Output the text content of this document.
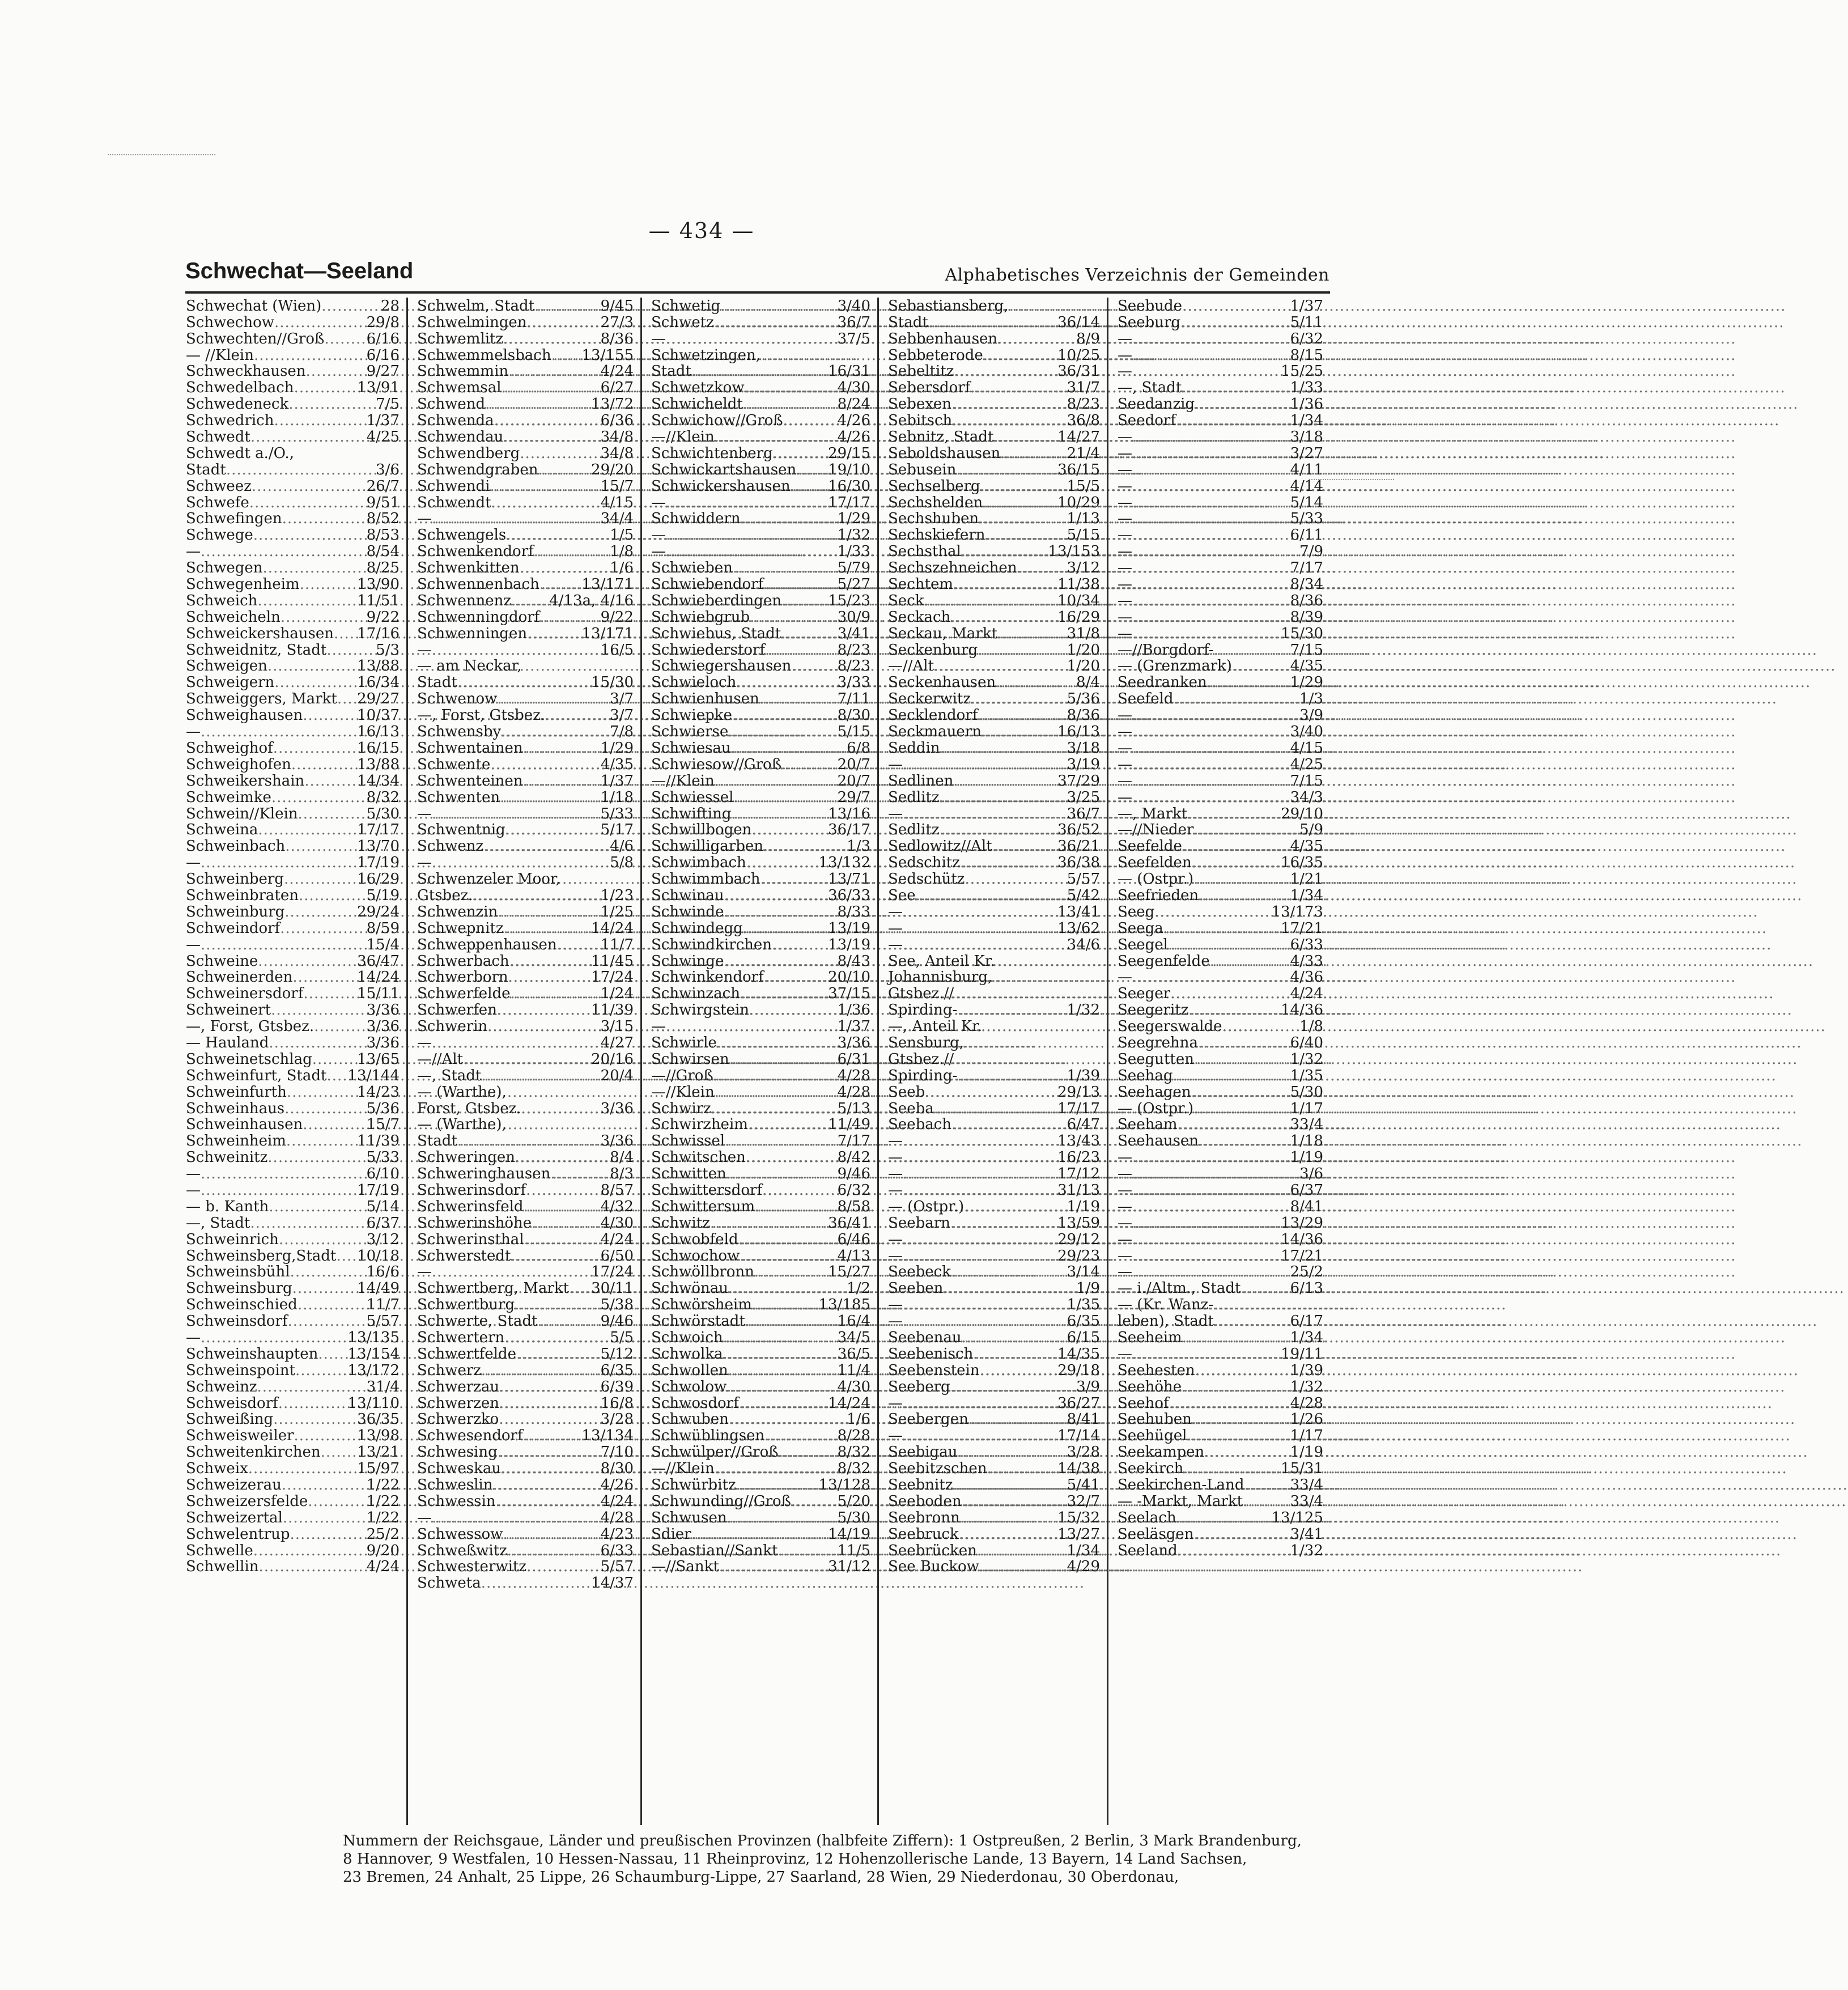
— 434 —
Schwechat—Seeland	Alphabetisches Verzeichnis der Gemeinden
Schwechat (Wien) .....	28
Schwechow .....	29/8
Schwechten//Groß .....	6/16
— //Klein .....	6/16
Schweckhausen .....	9/27
Schwedelbach .....	13/91
Schwedeneck .....	7/5
Schwedrich .....	1/37
Schwedt .....	4/25
Schwedt a./O.,
Stadt .....	3/6
Schweez .....	26/7
Schwefe .....	9/51
Schwefingen .....	8/52
Schwege .....	8/53
— .....	8/54
Schwegen .....	8/25
Schwegenheim .....	13/90
Schweich .....	11/51
Schweicheln .....	9/22
Schweickershausen ..... 17/16
Schweidnitz, Stadt .....	5/3
Schweigen .....	13/88
Schweigern .....	16/34
Schweiggers, Markt ..... 29/27
Schweighausen .....	10/37
— .....	16/13
Schweighof .....	16/15
Schweighofen .....	13/88
Schweikershain .....	14/34
Schweimke .....	8/32
Schwein//Klein .....	5/30
Schweina .....	17/17
Schweinbach .....	13/70
— .....	17/19
Schweinberg .....	16/29
Schweinbraten .....	5/19
Schweinburg .....	29/24
Schweindorf .....	8/59
— .....	15/4
Schweine .....	36/47
Schweinerden .....	14/24
Schweinersdorf .....	15/11
Schweinert .....	3/36
—, Forst, Gtsbez. .....	3/36
— Hauland .....	3/36
Schweinetschlag .....	13/65
Schweinfurt, Stadt ..... 13/144
Schweinfurth .....	14/23
Schweinhaus .....	5/36
Schweinhausen .....	15/7
Schweinheim .....	11/39
Schweinitz .....	5/33
— .....	6/10
— .....	17/19
— b. Kanth .....	5/14
—, Stadt .....	6/37
Schweinrich .....	3/12
Schweinsberg,Stadt ..... 10/18
Schweinsbühl .....	16/6
Schweinsburg .....	14/49
Schweinschied .....	11/7
Schweinsdorf .....	5/57
— .....	13/135
Schweinshaupten ..... 13/154
Schweinspoint .....	13/172
Schweinz .....	31/4
Schweisdorf .....	13/110
Schweißing .....	36/35
Schweisweiler .....	13/98
Schweitenkirchen ..... 13/21
Schweix .....	15/97
Schweizerau .....	1/22
Schweizersfelde .....	1/22
Schweizertal .....	1/22
Schwelentrup .....	25/2
Schwelle .....	9/20
Schwellin .....	4/24
Schwelm, Stadt .....	9/45
Schwelmingen .....	27/3
Schwemlitz .....	8/36
Schwemmelsbach ..... 13/155
Schwemmin .....	4/24
Schwemsal .....	6/27
Schwend .....	13/72
Schwenda .....	6/36
Schwendau .....	34/8
Schwendberg .....	34/8
Schwendgraben .....	29/20
Schwendi .....	15/7
Schwendt .....	4/15
— .....	34/4
Schwengels .....	1/5
Schwenkendorf .....	1/8
Schwenkitten .....	1/6
Schwennenbach .....	13/171
Schwennenz .....	4/13a, 4/16
Schwenningdorf .....	9/22
Schwenningen .....	13/171
— .....	16/5
— am Neckar,
Stadt .....	15/30
Schwenow .....	3/7
—, Forst, Gtsbez. .....	3/7
Schwensby .....	7/8
Schwentainen .....	1/29
Schwente .....	4/35
Schwenteinen .....	1/37
Schwenten .....	1/18
— .....	5/33
Schwentnig .....	5/17
Schwenz .....	4/6
— .....	5/8
Schwenzeler Moor,
Gtsbez. .....	1/23
Schwenzin .....	1/25
Schwepnitz .....	14/24
Schweppenhausen .....	11/7
Schwerbach .....	11/45
Schwerborn .....	17/24
Schwerfelde .....	1/24
Schwerfen .....	11/39
Schwerin .....	3/15
— .....	4/27
—//Alt .....	20/16
—, Stadt .....	20/4
— (Warthe),
Forst, Gtsbez. .....	3/36
— (Warthe),
Stadt .....	3/36
Schweringen .....	8/4
Schweringhausen .....	8/3
Schwerinsdorf .....	8/57
Schwerinsfeld .....	4/32
Schwerinshöhe .....	4/30
Schwerinsthal .....	4/24
Schwerstedt .....	6/50
— .....	17/24
Schwertberg, Markt ..... 30/11
Schwertburg .....	5/38
Schwerte, Stadt .....	9/46
Schwertern .....	5/5
Schwertfelde .....	5/12
Schwerz .....	6/35
Schwerzau .....	6/39
Schwerzen .....	16/8
Schwerzko .....	3/28
Schwesendorf .....	13/134
Schwesing .....	7/10
Schweskau .....	8/30
Schweslin .....	4/26
Schwessin .....	4/24
— .....	4/28
Schwessow .....	4/23
Schweßwitz .....	6/33
Schwesterwitz .....	5/57
Schweta .....	14/37
Schwetig .....	3/40
Schwetz .....	36/7
— .....	37/5
Schwetzingen,
Stadt .....	16/31
Schwetzkow .....	4/30
Schwicheldt .....	8/24
Schwichow//Groß .....	4/26
—//Klein .....	4/26
Schwichtenberg .....	29/15
Schwickartshausen ..... 19/10
Schwickershausen .....	16/30
— .....	17/17
Schwiddern .....	1/29
— .....	1/32
— .....	1/33
Schwieben .....	5/79
Schwiebendorf .....	5/27
Schwieberdingen .....	15/23
Schwiebgrub .....	30/9
Schwiebus, Stadt .....	3/41
Schwiederstorf .....	8/23
Schwiegershausen .....	8/23
Schwieloch .....	3/33
Schwienhusen .....	7/11
Schwiepke .....	8/30
Schwierse .....	5/15
Schwiesau .....	6/8
Schwiesow//Groß .....	20/7
—//Klein .....	20/7
Schwiessel .....	29/7
Schwifting .....	13/16
Schwillbogen .....	36/17
Schwilligarben .....	1/3
Schwimbach .....	13/132
Schwimmbach .....	13/71
Schwinau .....	36/33
Schwinde .....	8/33
Schwindegg .....	13/19
Schwindkirchen .....	13/19
Schwinge .....	8/43
Schwinkendorf .....	20/10
Schwinzach .....	37/15
Schwirgstein .....	1/36
— .....	1/37
Schwirle .....	3/36
Schwirsen .....	6/31
—//Groß .....	4/28
—//Klein .....	4/28
Schwirz .....	5/13
Schwirzheim .....	11/49
Schwissel .....	7/17
Schwitschen .....	8/42
Schwitten .....	9/46
Schwittersdorf .....	6/32
Schwittersum .....	8/58
Schwitz .....	36/41
Schwobfeld .....	6/46
Schwochow .....	4/13
Schwöllbronn .....	15/27
Schwönau .....	1/2
Schwörsheim .....	13/185
Schwörstadt .....	16/4
Schwoich .....	34/5
Schwolka .....	36/5
Schwollen .....	11/4
Schwolow .....	4/30
Schwosdorf .....	14/24
Schwuben .....	1/6
Schwüblingsen .....	8/28
Schwülper//Groß .....	8/32
—//Klein .....	8/32
Schwürbitz .....	13/128
Schwunding//Groß .....	5/20
Schwusen .....	5/30
Sdier .....	14/19
Sebastian//Sankt .....	11/5
—//Sankt .....	31/12
Sebastiansberg,
Stadt .....	36/14
Sebbenhausen .....	8/9
Sebbeterode .....	10/25
Sebeltitz .....	36/31
Sebersdorf .....	31/7
Sebexen .....	8/23
Sebitsch .....	36/8
Sebnitz, Stadt .....	14/27
Seboldshausen .....	21/4
Sebusein .....	36/15
Sechselberg .....	15/5
Sechshelden .....	10/29
Sechshuben .....	1/13
Sechskiefern .....	5/15
Sechsthal .....	13/153
Sechszehneichen .....	3/12
Sechtem .....	11/38
Seck .....	10/34
Seckach .....	16/29
Seckau, Markt .....	31/8
Seckenburg .....	1/20
—//Alt .....	1/20
Seckenhausen .....	8/4
Seckerwitz .....	5/36
Secklendorf .....	8/36
Seckmauern .....	16/13
Seddin .....	3/18
— .....	3/19
Sedlinen .....	37/29
Sedlitz .....	3/25
— .....	36/7
Sedlitz .....	36/52
Sedlowitz//Alt .....	36/21
Sedschitz .....	36/38
Sedschütz .....	5/57
See .....	5/42
— .....	13/41
— .....	13/62
— .....	34/6
See, Anteil Kr.
Johannisburg,
Gtsbez.//
Spirding- .....	1/32
—, Anteil Kr.
Sensburg,
Gtsbez.//
Spirding- .....	1/39
Seeb .....	29/13
Seeba .....	17/17
Seebach .....	6/47
— .....	13/43
— .....	16/23
— .....	17/12
— .....	31/13
— (Ostpr.) .....	1/19
Seebarn .....	13/59
— .....	29/12
— .....	29/23
Seebeck .....	3/14
Seeben .....	1/9
— .....	1/35
— .....	6/35
Seebenau .....	6/15
Seebenisch .....	14/35
Seebenstein .....	29/18
Seeberg .....	3/9
— .....	36/27
Seebergen .....	8/41
— .....	17/14
Seebigau .....	3/28
Seebitzschen .....	14/38
Seebnitz .....	5/41
Seeboden .....	32/7
Seebronn .....	15/32
Seebruck .....	13/27
Seebrücken .....	1/34
See Buckow .....	4/29
Seebude .....	1/37
Seeburg .....	5/11
— .....	6/32
— .....	8/15
— .....	15/25
—, Stadt .....	1/33
Seedanzig .....	1/36
Seedorf .....	1/34
— .....	3/18
— .....	3/27
— .....	4/11
— .....	4/14
— .....	5/14
— .....	5/33
— .....	6/11
— .....	7/9
— .....	7/17
— .....	8/34
— .....	8/36
— .....	8/39
— .....	15/30
—//Borgdorf- .....	7/15
— (Grenzmark) .....	4/35
Seedranken .....	1/29
Seefeld .....	1/3
— .....	3/9
— .....	3/40
— .....	4/15
— .....	4/25
— .....	7/15
— .....	34/3
—, Markt .....	29/10
—//Nieder .....	5/9
Seefelde .....	4/35
Seefelden .....	16/35
— (Ostpr.) .....	1/21
Seefrieden .....	1/34
Seeg .....	13/173
Seega .....	17/21
Seegel .....	6/33
Seegenfelde .....	4/33
— .....	4/36
Seeger .....	4/24
Seegeritz .....	14/36
Seegerswalde .....	1/8
Seegrehna .....	6/40
Seegutten .....	1/32
Seehag .....	1/35
Seehagen .....	5/30
— (Ostpr.) .....	1/17
Seeham .....	33/4
Seehausen .....	1/18
— .....	1/19
— .....	3/6
— .....	6/37
— .....	8/41
— .....	13/29
— .....	14/36
— .....	17/21
— .....	25/2
— i./Altm., Stadt .....	6/13
— (Kr. Wanz-
leben), Stadt .....	6/17
Seeheim .....	1/34
— .....	19/11
Seehesten .....	1/39
Seehöhe .....	1/32
Seehof .....	4/28
Seehuben .....	1/26
Seehügel .....	1/17
Seekampen .....	1/19
Seekirch .....	15/31
Seekirchen-Land .....	33/4
— -Markt, Markt .....	33/4
Seelach .....	13/125
Seeläsgen .....	3/41
Seeland .....	1/32

Nummern der Reichsgaue, Länder und preußischen Provinzen (halbfeite Ziffern): 1 Ostpreußen, 2 Berlin, 3 Mark Brandenburg,

8 Hannover, 9 Westfalen, 10 Hessen-Nassau, 11 Rheinprovinz, 12 Hohenzollerische Lande, 13 Bayern, 14 Land Sachsen,

23 Bremen, 24 Anhalt, 25 Lippe, 26 Schaumburg-Lippe, 27 Saarland, 28 Wien, 29 Niederdonau, 30 Oberdonau,
